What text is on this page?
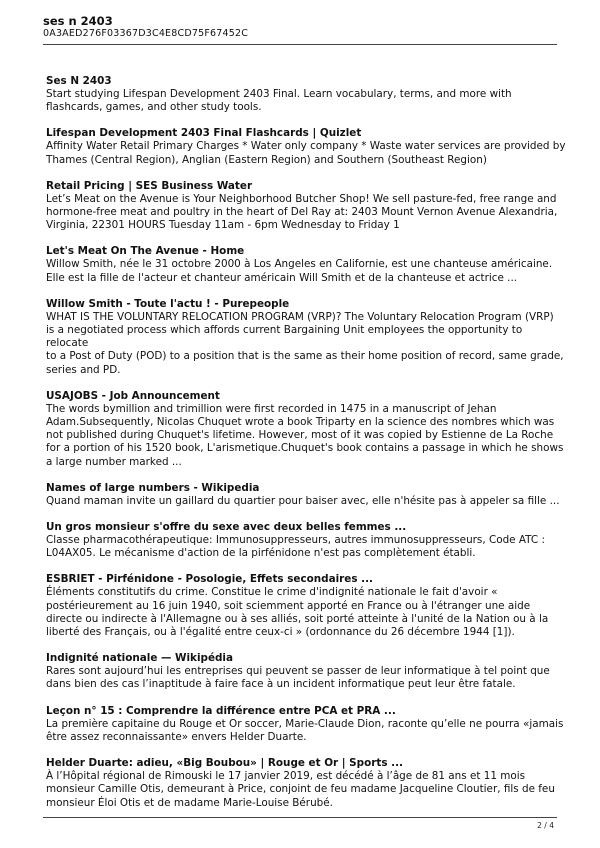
ses n 2403
0A3AED276F03367D3C4E8CD75F67452C
Ses N 2403
Start studying Lifespan Development 2403 Final. Learn vocabulary, terms, and more with
flashcards, games, and other study tools.
Lifespan Development 2403 Final Flashcards | Quizlet
Affinity Water Retail Primary Charges * Water only company * Waste water services are provided by
Thames (Central Region), Anglian (Eastern Region) and Southern (Southeast Region)
Retail Pricing | SES Business Water
Let’s Meat on the Avenue is Your Neighborhood Butcher Shop! We sell pasture-fed, free range and
hormone-free meat and poultry in the heart of Del Ray at: 2403 Mount Vernon Avenue Alexandria,
Virginia, 22301 HOURS Tuesday 11am - 6pm Wednesday to Friday 1
Let's Meat On The Avenue - Home
Willow Smith, née le 31 octobre 2000 à Los Angeles en Californie, est une chanteuse américaine.
Elle est la fille de l'acteur et chanteur américain Will Smith et de la chanteuse et actrice ...
Willow Smith - Toute l'actu ! - Purepeople
WHAT IS THE VOLUNTARY RELOCATION PROGRAM (VRP)? The Voluntary Relocation Program (VRP)
is a negotiated process which affords current Bargaining Unit employees the opportunity to relocate
to a Post of Duty (POD) to a position that is the same as their home position of record, same grade,
series and PD.
USAJOBS - Job Announcement
The words bymillion and trimillion were first recorded in 1475 in a manuscript of Jehan
Adam.Subsequently, Nicolas Chuquet wrote a book Triparty en la science des nombres which was
not published during Chuquet's lifetime. However, most of it was copied by Estienne de La Roche
for a portion of his 1520 book, L'arismetique.Chuquet's book contains a passage in which he shows
a large number marked ...
Names of large numbers - Wikipedia
Quand maman invite un gaillard du quartier pour baiser avec, elle n'hésite pas à appeler sa fille ...
Un gros monsieur s'offre du sexe avec deux belles femmes ...
Classe pharmacothérapeutique: Immunosuppresseurs, autres immunosuppresseurs, Code ATC :
L04AX05. Le mécanisme d'action de la pirfénidone n'est pas complètement établi.
ESBRIET - Pirfénidone - Posologie, Effets secondaires ...
Éléments constitutifs du crime. Constitue le crime d'indignité nationale le fait d'avoir «
postérieurement au 16 juin 1940, soit sciemment apporté en France ou à l'étranger une aide
directe ou indirecte à l'Allemagne ou à ses alliés, soit porté atteinte à l'unité de la Nation ou à la
liberté des Français, ou à l'égalité entre ceux-ci » (ordonnance du 26 décembre 1944 [1]).
Indignité nationale — Wikipédia
Rares sont aujourd’hui les entreprises qui peuvent se passer de leur informatique à tel point que
dans bien des cas l’inaptitude à faire face à un incident informatique peut leur être fatale.
Leçon n° 15 : Comprendre la différence entre PCA et PRA ...
La première capitaine du Rouge et Or soccer, Marie-Claude Dion, raconte qu’elle ne pourra «jamais
être assez reconnaissante» envers Helder Duarte.
Helder Duarte: adieu, «Big Boubou» | Rouge et Or | Sports ...
À l’Hôpital régional de Rimouski le 17 janvier 2019, est décédé à l’âge de 81 ans et 11 mois
monsieur Camille Otis, demeurant à Price, conjoint de feu madame Jacqueline Cloutier, fils de feu
monsieur Éloi Otis et de madame Marie-Louise Bérubé.
2 / 4
